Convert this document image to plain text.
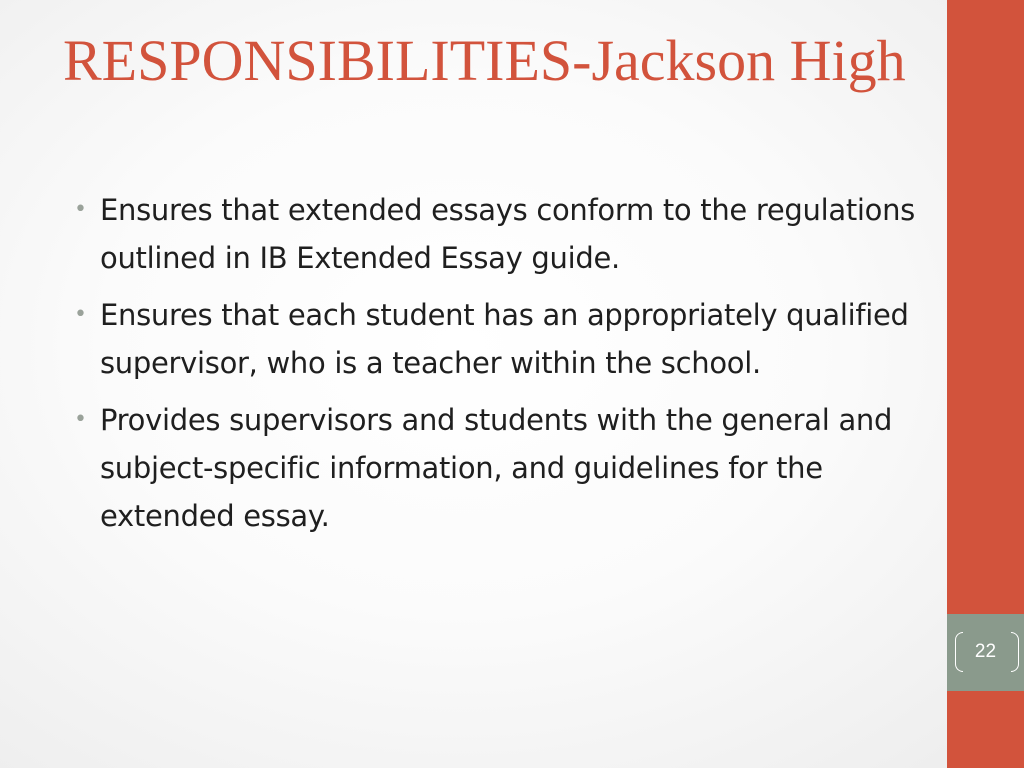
RESPONSIBILITIES-Jackson High
• Ensures that extended essays conform to the regulations outlined in IB Extended Essay guide.
• Ensures that each student has an appropriately qualified supervisor, who is a teacher within the school.
• Provides supervisors and students with the general and subject-specific information, and guidelines for the extended essay.
22
